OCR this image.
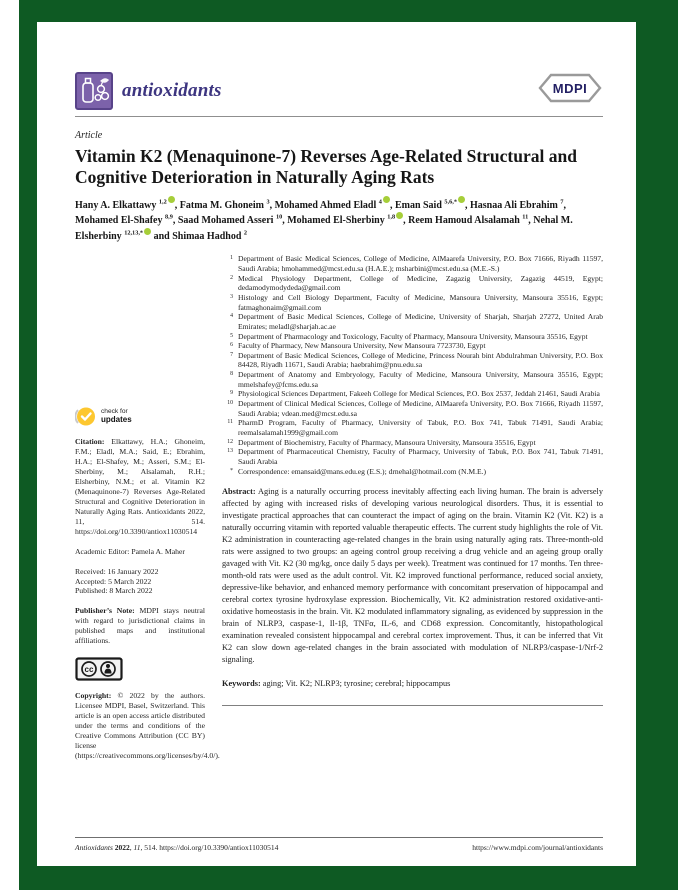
antioxidants	MDPI
Article
Vitamin K2 (Menaquinone-7) Reverses Age-Related Structural and Cognitive Deterioration in Naturally Aging Rats

Hany A. Elkattawy $^{1,2}$ , Fatma M. Ghoneim $^3$, Mohamed Ahmed Eladl $^4$ , Eman Said $^{5,6,*}$ , Hasnaa Ali Ebrahim $^7$, Mohamed El-Shafey $^{8,9}$, Saad Mohamed Asseri $^{10}$, Mohamed El-Sherbiny $^{1,8}$ , Reem Hamoud Alsalamah $^{11}$, Nehal M. Elsherbiny $^{12,13,*}$ and Shimaa Hadhod $^2$

check for
updates

Citation: Elkattawy, H.A.; Ghoneim, F.M.; Eladl, M.A.; Said, E.; Ebrahim, H.A.; El-Shafey, M.; Asseri, S.M.; El-Sherbiny, M.; Alsalamah, R.H.; Elsherbiny, N.M.; et al. Vitamin K2 (Menaquinone-7) Reverses Age-Related Structural and Cognitive Deterioration in Naturally Aging Rats. Antioxidants 2022, 11, 514. https://doi.org/10.3390/antiox11030514

Academic Editor: Pamela A. Maher

Received: 16 January 2022
Accepted: 5 March 2022
Published: 8 March 2022

Publisher’s Note: MDPI stays neutral with regard to jurisdictional claims in published maps and institutional affiliations.

cc

Copyright: © 2022 by the authors. Licensee MDPI, Basel, Switzerland. This article is an open access article distributed under the terms and conditions of the Creative Commons Attribution (CC BY) license (https://creativecommons.org/licenses/by/4.0/).

1 Department of Basic Medical Sciences, College of Medicine, AlMaarefa University, P.O. Box 71666, Riyadh 11597, Saudi Arabia; hmohammed@mcst.edu.sa (H.A.E.); msharbini@mcst.edu.sa (M.E.-S.)
2 Medical Physiology Department, College of Medicine, Zagazig University, Zagazig 44519, Egypt; dedamodymodydeda@gmail.com
3 Histology and Cell Biology Department, Faculty of Medicine, Mansoura University, Mansoura 35516, Egypt; fatmaghonaim@gmail.com
4 Department of Basic Medical Sciences, College of Medicine, University of Sharjah, Sharjah 27272, United Arab Emirates; meladl@sharjah.ac.ae
5 Department of Pharmacology and Toxicology, Faculty of Pharmacy, Mansoura University, Mansoura 35516, Egypt
6 Faculty of Pharmacy, New Mansoura University, New Mansoura 7723730, Egypt
7 Department of Basic Medical Sciences, College of Medicine, Princess Nourah bint Abdulrahman University, P.O. Box 84428, Riyadh 11671, Saudi Arabia; haebrahim@pnu.edu.sa
8 Department of Anatomy and Embryology, Faculty of Medicine, Mansoura University, Mansoura 35516, Egypt; mmelshafey@fcms.edu.sa
9 Physiological Sciences Department, Fakeeh College for Medical Sciences, P.O. Box 2537, Jeddah 21461, Saudi Arabia
10 Department of Clinical Medical Sciences, College of Medicine, AlMaarefa University, P.O. Box 71666, Riyadh 11597, Saudi Arabia; vdean.med@mcst.edu.sa
11 PharmD Program, Faculty of Pharmacy, University of Tabuk, P.O. Box 741, Tabuk 71491, Saudi Arabia; reemalsalamah1999@gmail.com
12 Department of Biochemistry, Faculty of Pharmacy, Mansoura University, Mansoura 35516, Egypt
13 Department of Pharmaceutical Chemistry, Faculty of Pharmacy, University of Tabuk, P.O. Box 741, Tabuk 71491, Saudi Arabia
* Correspondence: emansaid@mans.edu.eg (E.S.); drnehal@hotmail.com (N.M.E.)

Abstract: Aging is a naturally occurring process inevitably affecting each living human. The brain is adversely affected by aging with increased risks of developing various neurological disorders. Thus, it is essential to investigate practical approaches that can counteract the impact of aging on the brain. Vitamin K2 (Vit. K2) is a naturally occurring vitamin with reported valuable therapeutic effects. The current study highlights the role of Vit. K2 administration in counteracting age-related changes in the brain using naturally aging rats. Three-month-old rats were assigned to two groups: an ageing control group receiving a drug vehicle and an ageing group orally gavaged with Vit. K2 (30 mg/kg, once daily 5 days per week). Treatment was continued for 17 months. Ten three-month-old rats were used as the adult control. Vit. K2 improved functional performance, reduced social anxiety, depressive-like behavior, and enhanced memory performance with concomitant preservation of hippocampal and cerebral cortex tyrosine hydroxylase expression. Biochemically, Vit. K2 administration restored oxidative-anti-oxidative homeostasis in the brain. Vit. K2 modulated inflammatory signaling, as evidenced by suppression in the brain of NLRP3, caspase-1, Il-1β, TNFα, IL-6, and CD68 expression. Concomitantly, histopathological examination revealed consistent hippocampal and cerebral cortex improvement. Thus, it can be inferred that Vit K2 can slow down age-related changes in the brain associated with modulation of NLRP3/caspase-1/Nrf-2 signaling.

Keywords: aging; Vit. K2; NLRP3; tyrosine; cerebral; hippocampus

Antioxidants 2022, 11, 514. https://doi.org/10.3390/antiox11030514	https://www.mdpi.com/journal/antioxidants
